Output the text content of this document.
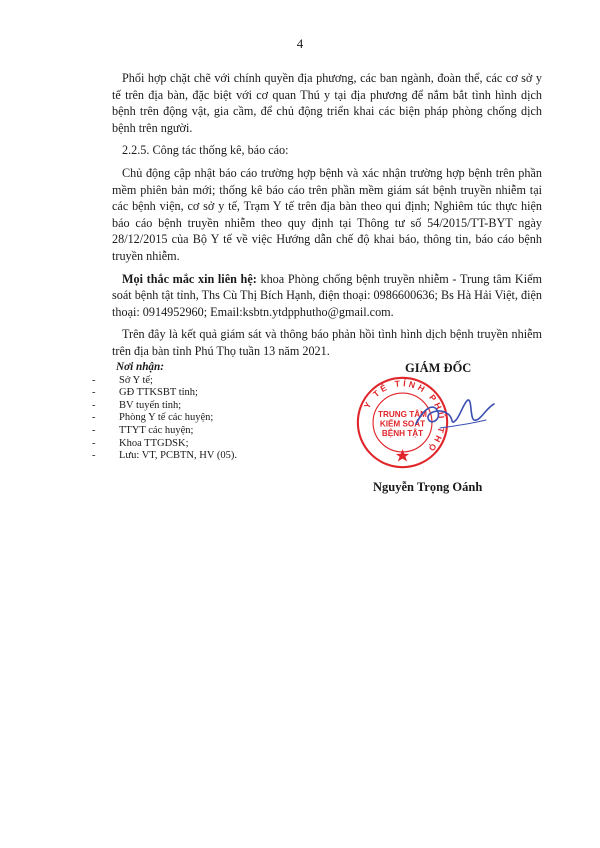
4

Phối hợp chặt chẽ với chính quyền địa phương, các ban ngành, đoàn thể, các cơ sở y tế trên địa bàn, đặc biệt với cơ quan Thú y tại địa phương để nắm bắt tình hình dịch bệnh trên động vật, gia cầm, để chủ động triển khai các biện pháp phòng chống dịch bệnh trên người.

2.2.5. Công tác thống kê, báo cáo:

Chủ động cập nhật báo cáo trường hợp bệnh và xác nhận trường hợp bệnh trên phần mềm phiên bản mới; thống kê báo cáo trên phần mềm giám sát bệnh truyền nhiễm tại các bệnh viện, cơ sở y tế, Trạm Y tế trên địa bàn theo qui định; Nghiêm túc thực hiện báo cáo bệnh truyền nhiễm theo quy định tại Thông tư số 54/2015/TT-BYT ngày 28/12/2015 của Bộ Y tế về việc Hướng dẫn chế độ khai báo, thông tin, báo cáo bệnh truyền nhiễm.

Mọi thắc mắc xin liên hệ: khoa Phòng chống bệnh truyền nhiễm - Trung tâm Kiểm soát bệnh tật tỉnh, Ths Cù Thị Bích Hạnh, điện thoại: 0986600636; Bs Hà Hải Việt, điện thoại: 0914952960; Email:ksbtn.ytdpphutho@gmail.com.

Trên đây là kết quả giám sát và thông báo phản hồi tình hình dịch bệnh truyền nhiễm trên địa bàn tỉnh Phú Thọ tuần 13 năm 2021.

Nơi nhận:
- Sở Y tế;
- GĐ TTKSBT tỉnh;
- BV tuyến tỉnh;
- Phòng Y tế các huyện;
- TTYT các huyện;
- Khoa TTGDSK;
- Lưu: VT, PCBTN, HV (05).
GIÁM ĐỐC
Y TẾ TỈNH PHÚ THỌ
TRUNG TÂM
KIỂM SOÁT
BỆNH TẬT
Nguyễn Trọng Oánh
